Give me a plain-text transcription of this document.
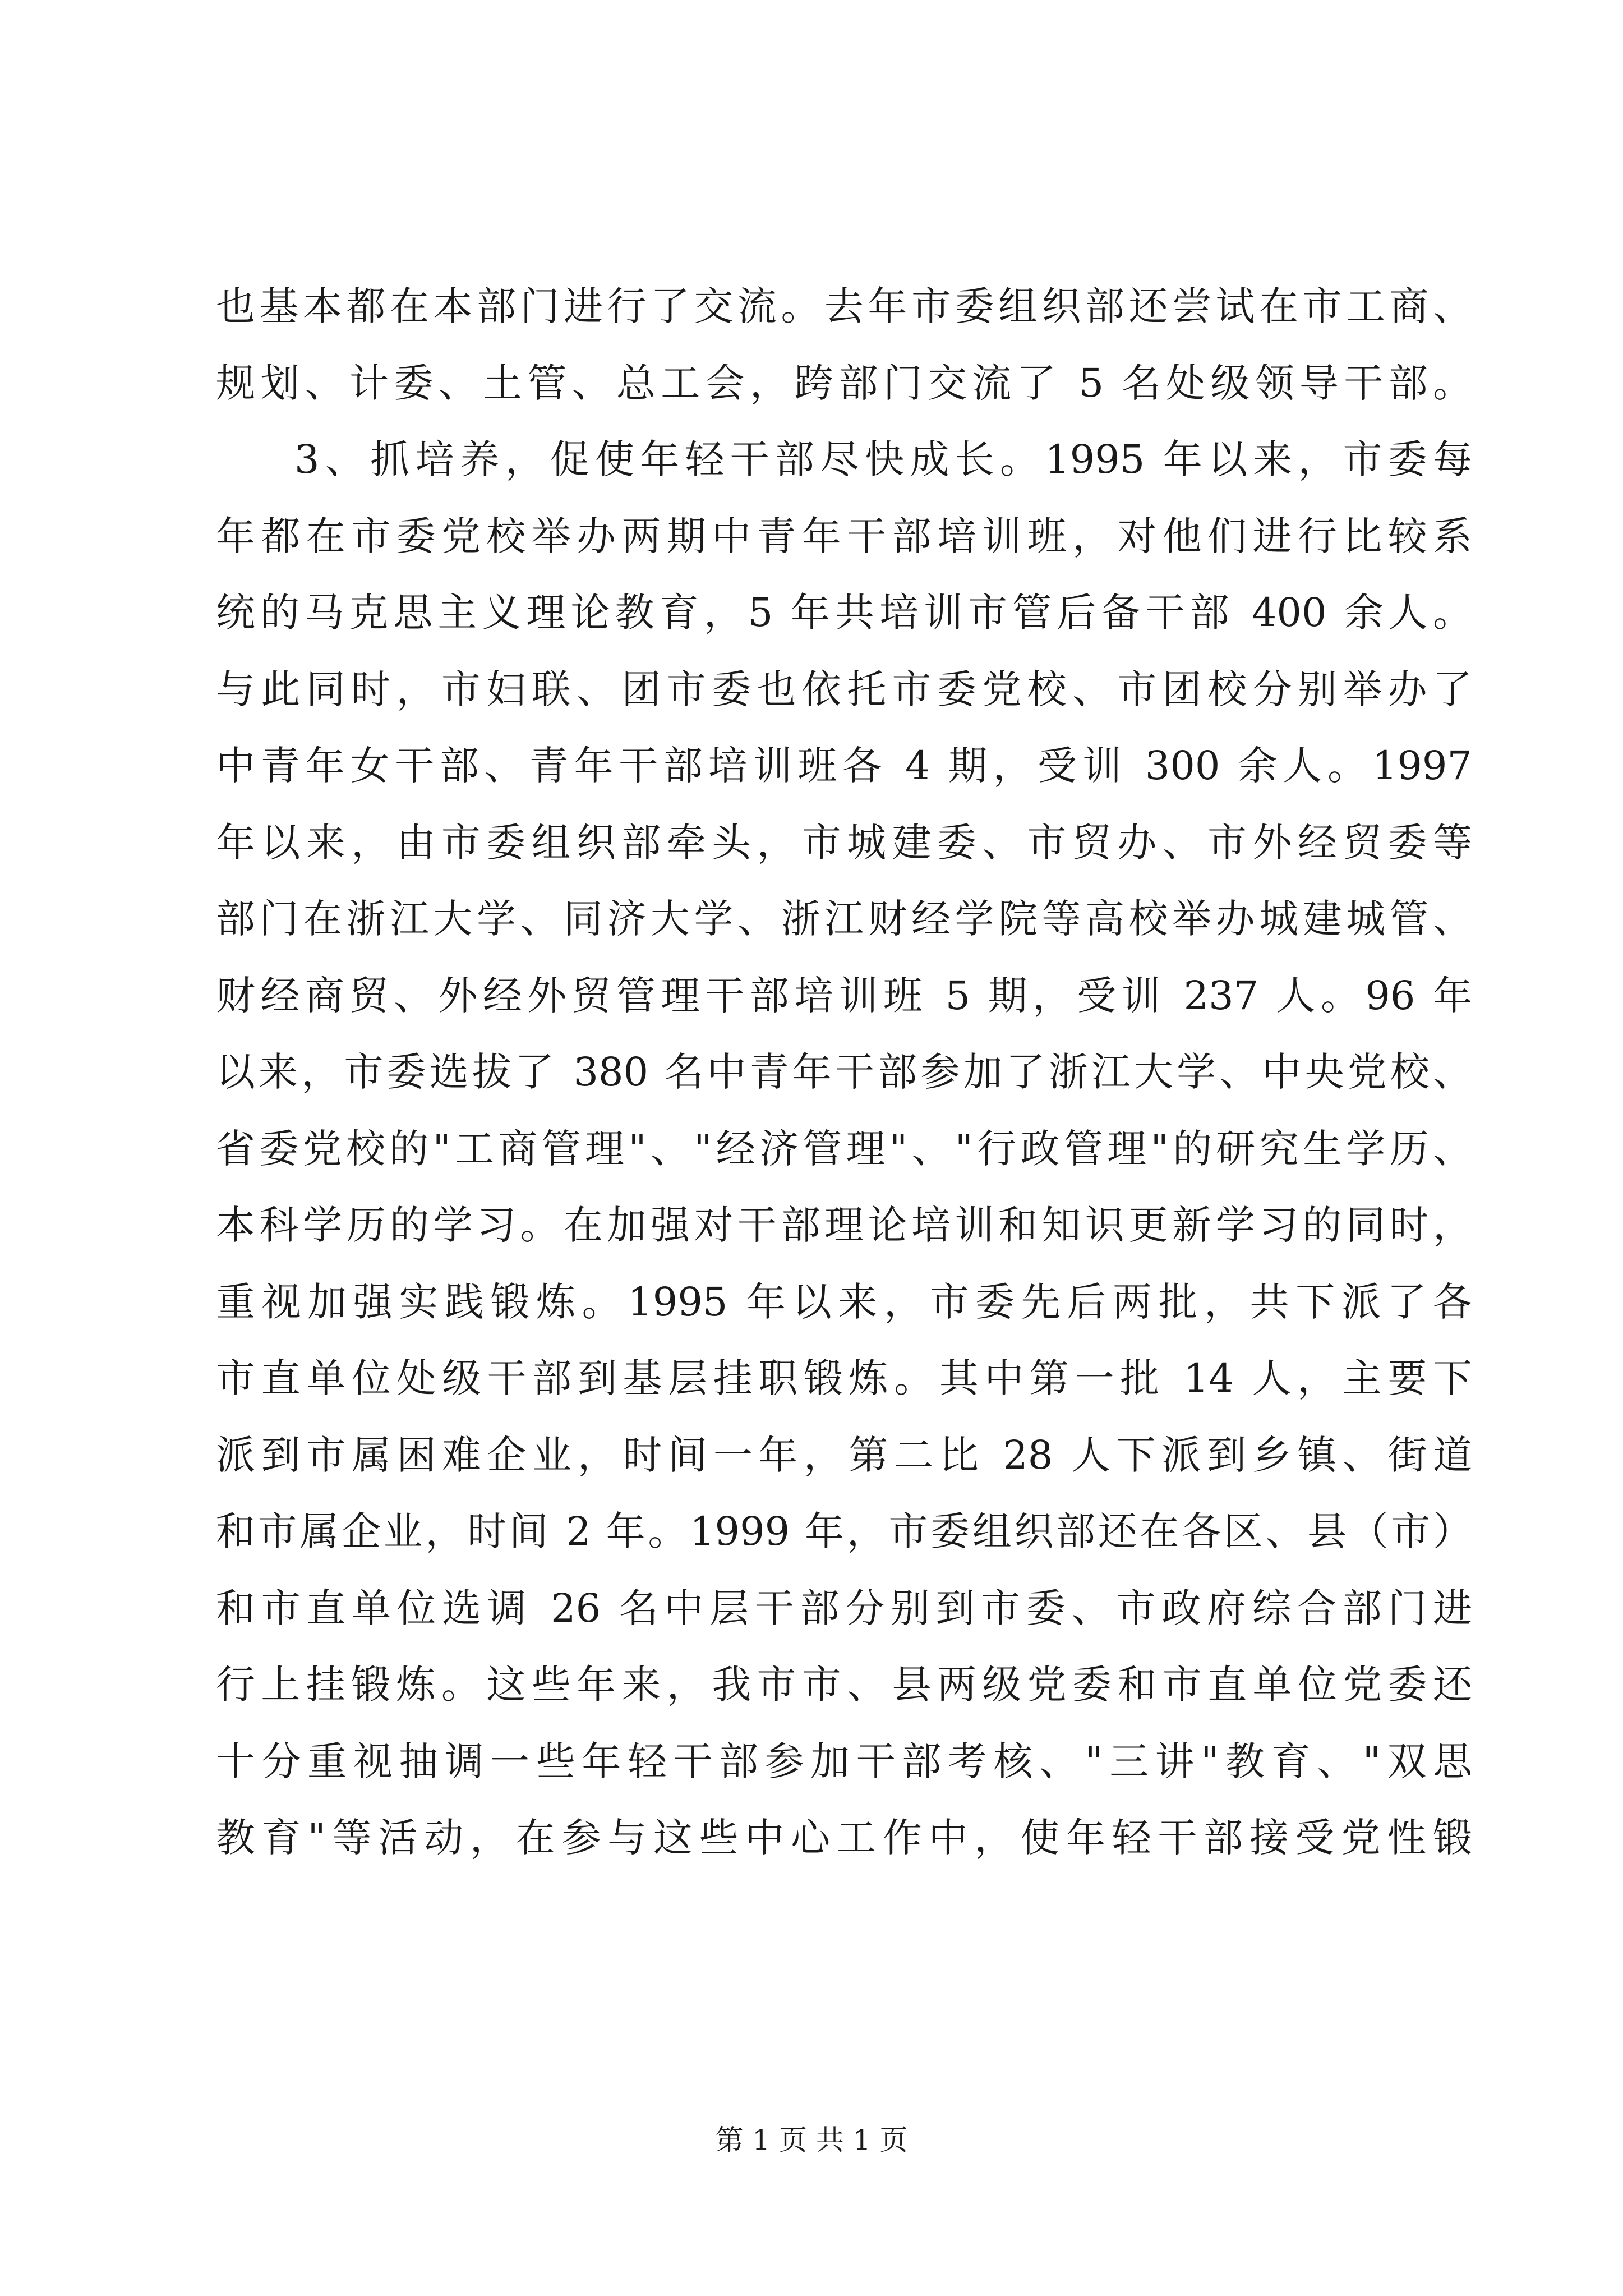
也基本都在本部门进行了交流。去年市委组织部还尝试在市工商、
规划、计委、土管、总工会，跨部门交流了 5 名处级领导干部。
3、抓培养，促使年轻干部尽快成长。1995 年以来，市委每
年都在市委党校举办两期中青年干部培训班，对他们进行比较系
统的马克思主义理论教育，5 年共培训市管后备干部 400 余人。
与此同时，市妇联、团市委也依托市委党校、市团校分别举办了
中青年女干部、青年干部培训班各 4 期，受训 300 余人。1997
年以来，由市委组织部牵头，市城建委、市贸办、市外经贸委等
部门在浙江大学、同济大学、浙江财经学院等高校举办城建城管、
财经商贸、外经外贸管理干部培训班 5 期，受训 237 人。96 年
以来，市委选拔了 380 名中青年干部参加了浙江大学、中央党校、
省委党校的"工商管理"、"经济管理"、"行政管理"的研究生学历、
本科学历的学习。在加强对干部理论培训和知识更新学习的同时，
重视加强实践锻炼。1995 年以来，市委先后两批，共下派了各
市直单位处级干部到基层挂职锻炼。其中第一批 14 人，主要下
派到市属困难企业，时间一年，第二比 28 人下派到乡镇、街道
和市属企业，时间 2 年。1999 年，市委组织部还在各区、县（市）
和市直单位选调 26 名中层干部分别到市委、市政府综合部门进
行上挂锻炼。这些年来，我市市、县两级党委和市直单位党委还
十分重视抽调一些年轻干部参加干部考核、"三讲"教育、"双思
教育"等活动，在参与这些中心工作中，使年轻干部接受党性锻
第 1 页 共 1 页
